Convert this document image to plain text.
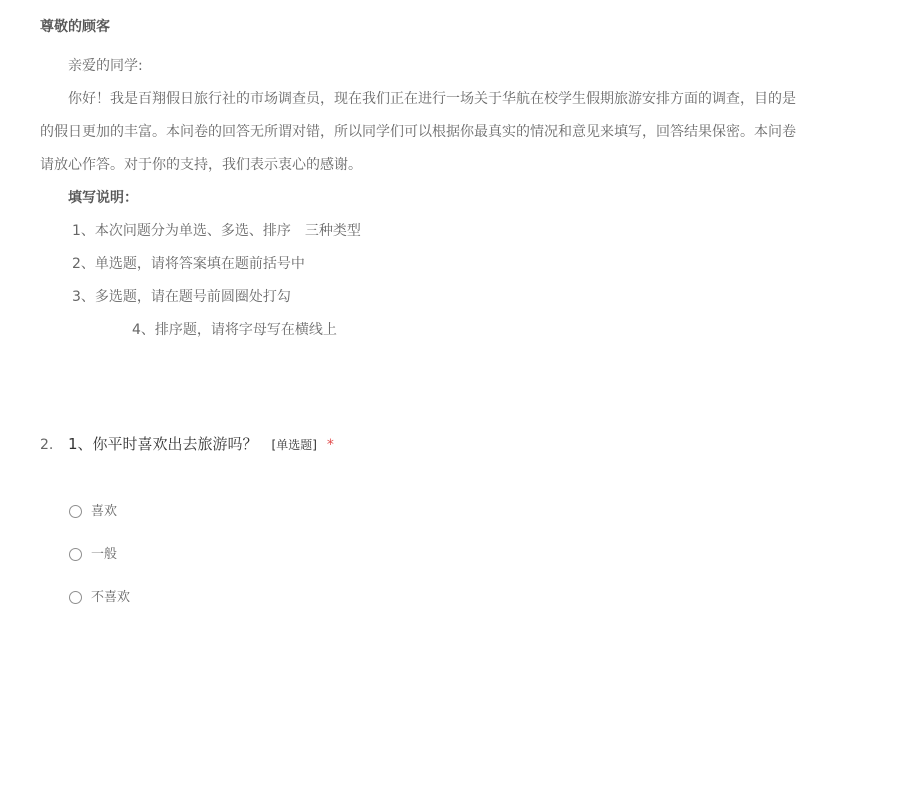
尊敬的顾客
亲爱的同学:
你好！我是百翔假日旅行社的市场调查员，现在我们正在进行一场关于华航在校学生假期旅游安排方面的调查，目的是
的假日更加的丰富。本问卷的回答无所谓对错，所以同学们可以根据你最真实的情况和意见来填写，回答结果保密。本问卷
请放心作答。对于你的支持，我们表示衷心的感谢。
填写说明：
1、本次问题分为单选、多选、排序　三种类型
2、单选题，请将答案填在题前括号中
3、多选题，请在题号前圆圈处打勾
4、排序题，请将字母写在横线上
2. 1、你平时喜欢出去旅游吗？ [单选题] *
喜欢
一般
不喜欢
